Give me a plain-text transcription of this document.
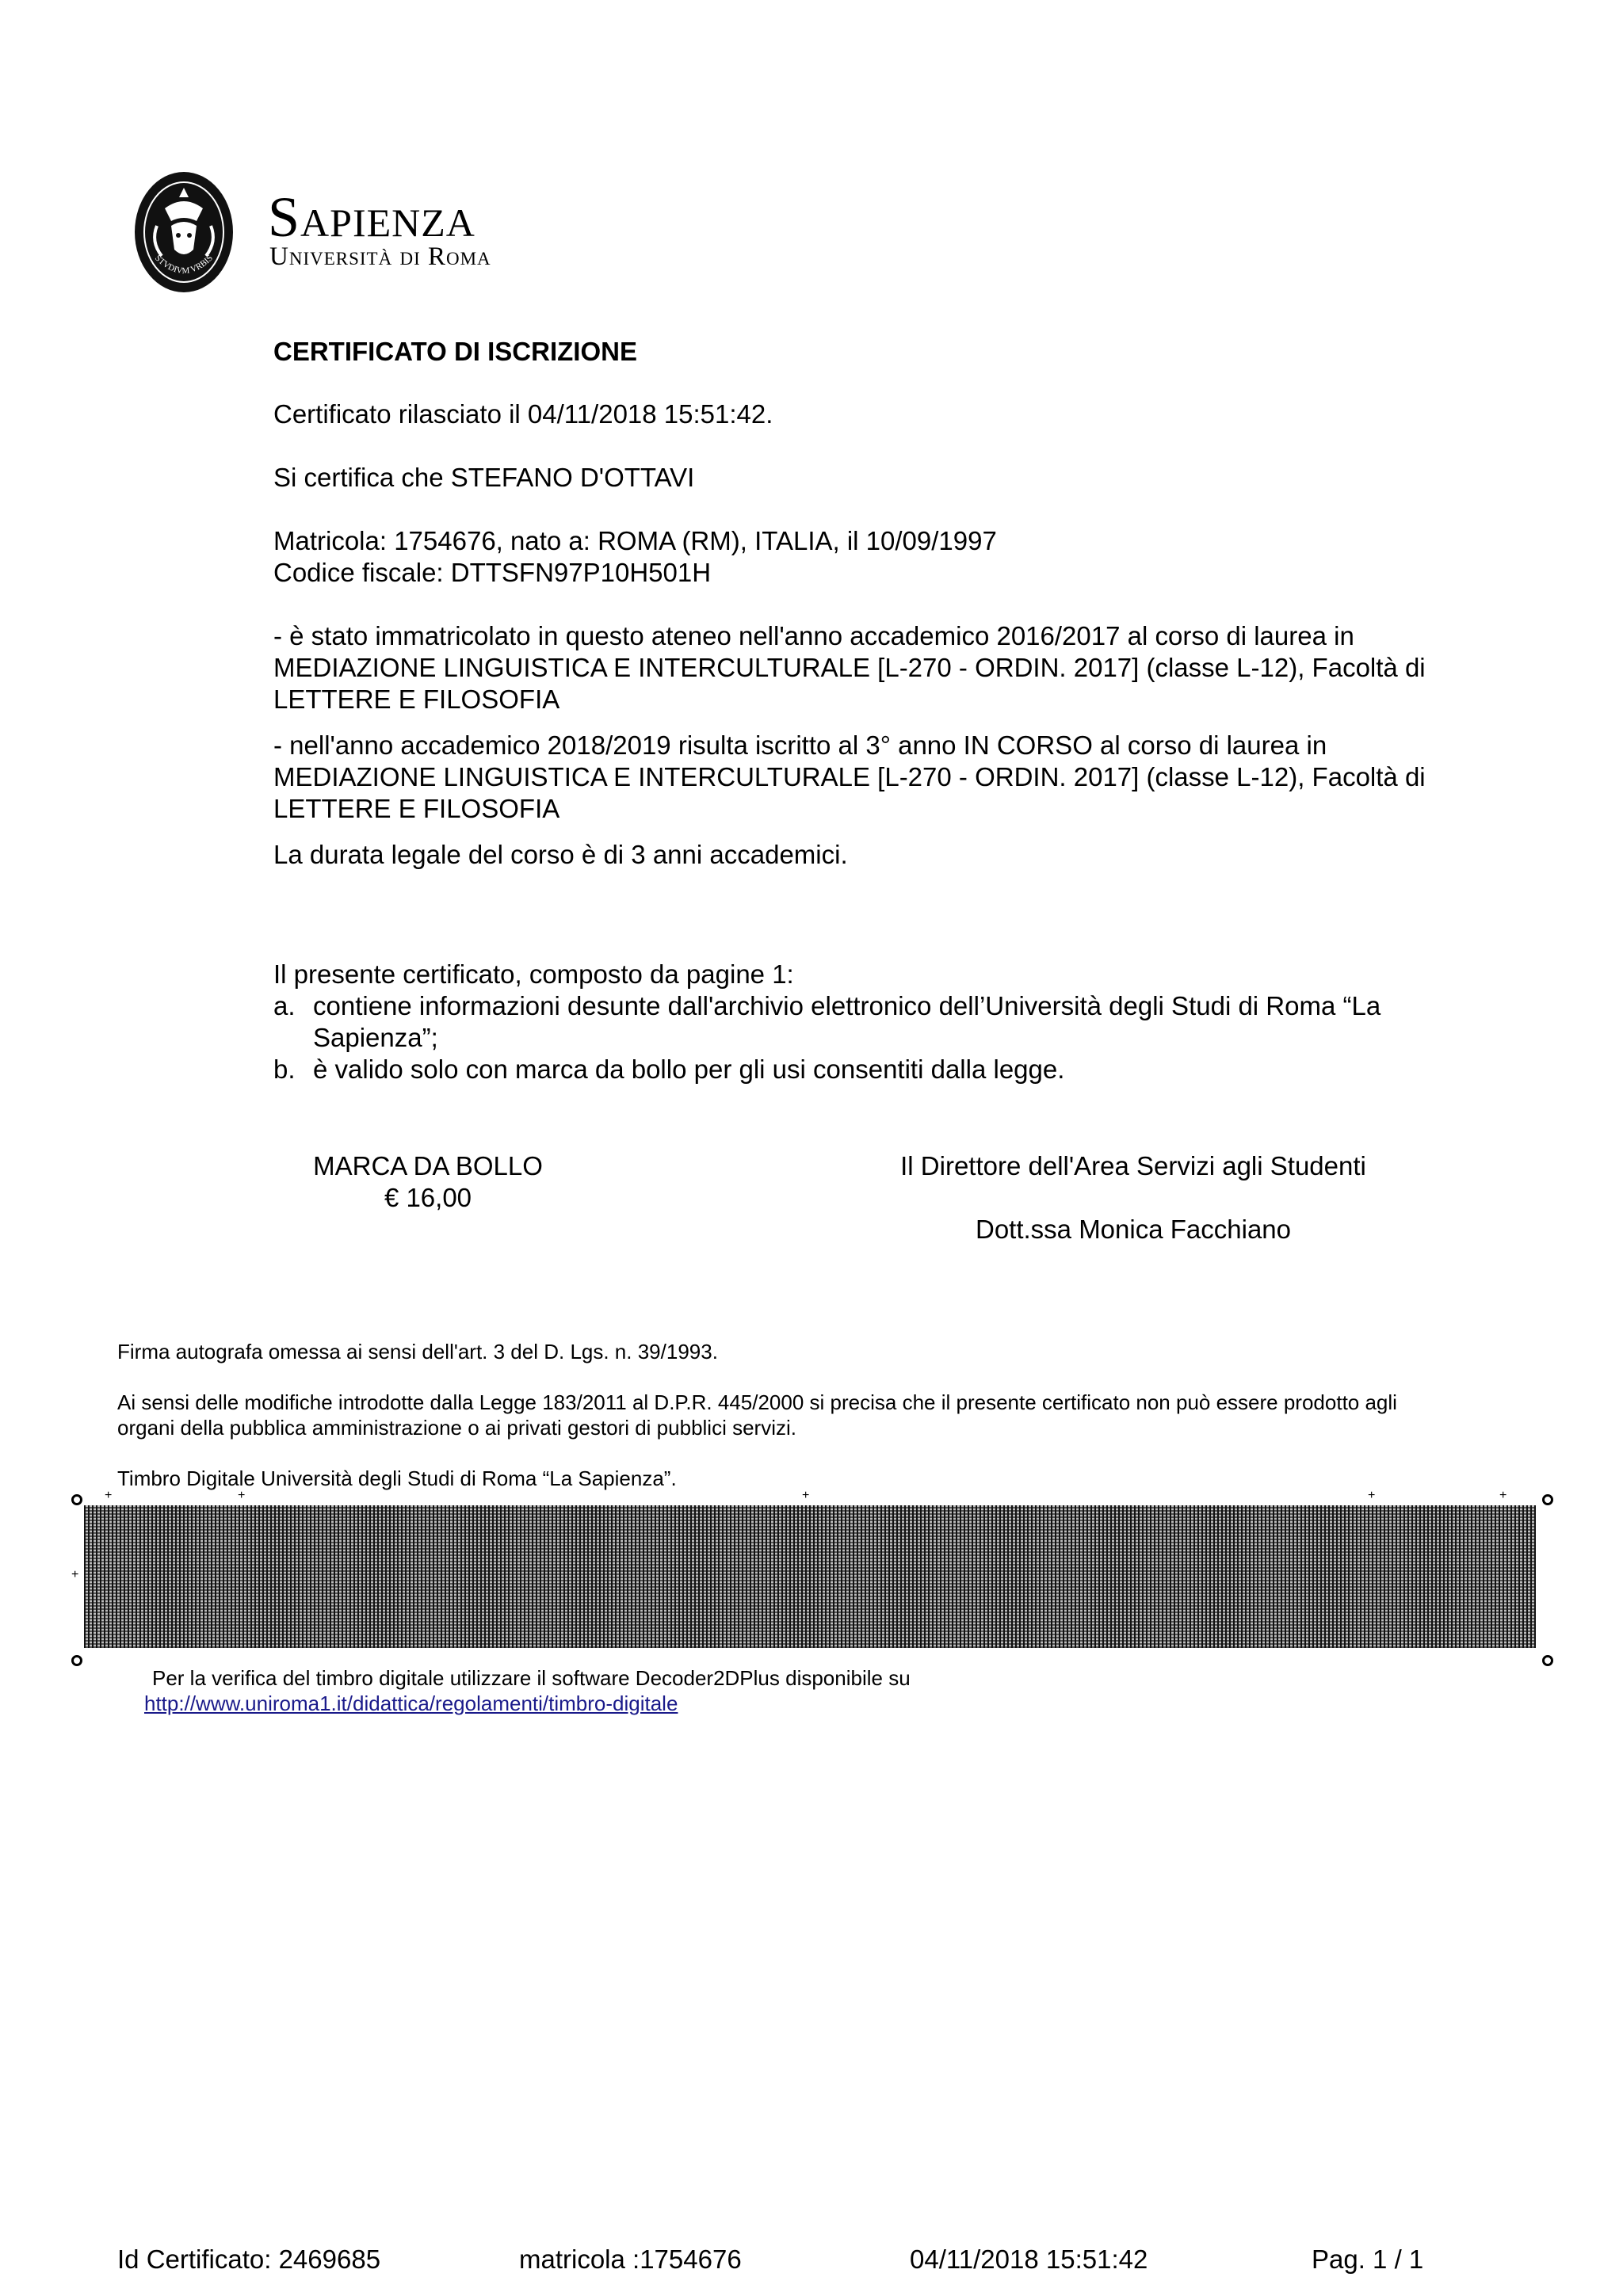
STVDIVM VRBIS
Sapienza
Università di Roma
CERTIFICATO DI ISCRIZIONE
Certificato rilasciato il 04/11/2018 15:51:42.
Si certifica che STEFANO D'OTTAVI
Matricola: 1754676, nato a: ROMA (RM), ITALIA, il 10/09/1997
Codice fiscale: DTTSFN97P10H501H
- è stato immatricolato in questo ateneo nell'anno accademico 2016/2017 al corso di laurea in
MEDIAZIONE LINGUISTICA E INTERCULTURALE [L-270 - ORDIN. 2017] (classe L-12), Facoltà di
LETTERE E FILOSOFIA
- nell'anno accademico 2018/2019 risulta iscritto al 3° anno IN CORSO al corso di laurea in
MEDIAZIONE LINGUISTICA E INTERCULTURALE [L-270 - ORDIN. 2017] (classe L-12), Facoltà di
LETTERE E FILOSOFIA
La durata legale del corso è di 3 anni accademici.
Il presente certificato, composto da pagine 1:
a. contiene informazioni desunte dall'archivio elettronico dell’Università degli Studi di Roma “La
Sapienza”;
b. è valido solo con marca da bollo per gli usi consentiti dalla legge.
MARCA DA BOLLO
€ 16,00
Il Direttore dell'Area Servizi agli Studenti
Dott.ssa Monica Facchiano
Firma autografa omessa ai sensi dell'art. 3 del D. Lgs. n. 39/1993.
Ai sensi delle modifiche introdotte dalla Legge 183/2011 al D.P.R. 445/2000 si precisa che il presente certificato non può essere prodotto agli
organi della pubblica amministrazione o ai privati gestori di pubblici servizi.
Timbro Digitale Università degli Studi di Roma “La Sapienza”.
+	+	+	+	+
+
Per la verifica del timbro digitale utilizzare il software Decoder2DPlus disponibile su
http://www.uniroma1.it/didattica/regolamenti/timbro-digitale
Id Certificato: 2469685	matricola :1754676	04/11/2018 15:51:42	Pag. 1 / 1
